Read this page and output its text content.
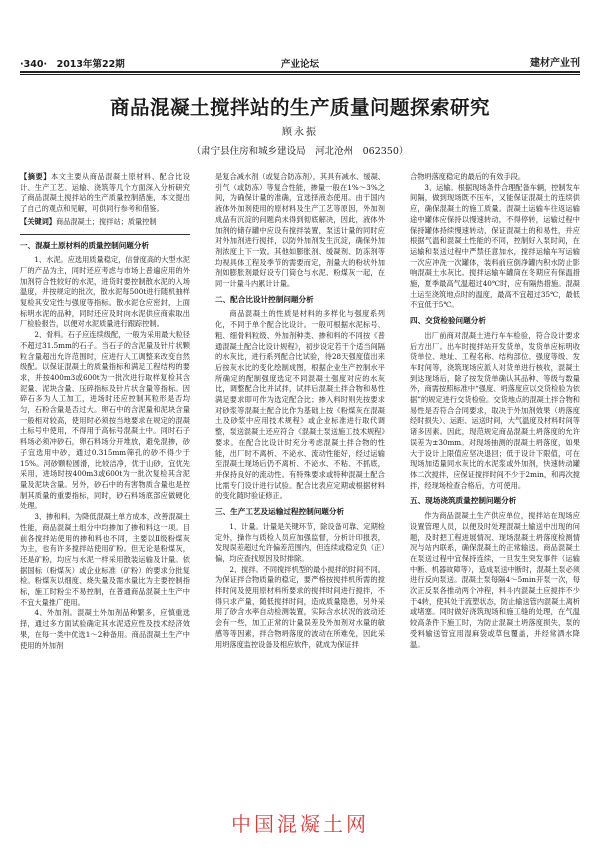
·340·　 2013年第22期	产业论坛	建材产业刊
商品混凝土搅拌站的生产质量问题探索研究
顾永振
（肃宁县住房和城乡建设局　河北沧州　062350）
【摘要】本文主要从商品混凝土原材料、配合比设计、生产工艺、运输、浇筑等几个方面深入分析研究了商品混凝土搅拌站的生产质量控制措施，本文提出了自己的观点和见解，可供同行参考和借鉴。
【关键词】商品混凝土；搅拌站；质量控制
一、混凝土原材料的质量控制问题分析

1、水泥。应选用质量稳定，信誉度高的大型水泥厂的产品为主，同时还应考虑与市场上普遍应用的外加剂符合性较好的水泥，进货时要控制散水泥的入场温度，并按规定的批次，散水泥每500t进行随机抽样复检其安定性与强度等指标。散水泥仓应密封，上面标明水泥的品种，同时还应及时向水泥供应商索取出厂检验报告，以便对水泥质量进行跟踪控制。

2、骨料。石子应连续级配，一般为采用最大粒径不超过31.5mm的石子。当石子的含泥量及针片状颗粒含量超出允许范围时，应进行人工调整来改变自然级配。以保证混凝土的质量指标和满足工程结构的要求，并按400m3或600t为一批次进行取样复检其含泥量、泥块含量、压碎指标及针片状含量等指标。因碎石多为人工加工，进场时还应控制其粒形是否均匀，石粉含量是否过大。卵石中的含泥量和泥块含量一般相对较高，使用时必须按当地要求在规定的混凝土标号中使用，不得用于高标号混凝土中。同时石子料场必须冲砂石，卵石料场分开堆放，避免混掺，砂子宜选用中砂，通过0.315mm筛孔的砂不得少于15%。河砂颗粒圆滑，比较洁净，优于山砂，宜优先采用，进场时按400m3或600t为一批次复检其含泥量及泥块含量。另外，砂石中的有害物质含量也是控制其质量的重要指标，同时，砂石料场底部应做硬化处理。

3、掺和料。为降低混凝土单方成本，改善混凝土性能，商品混凝土组分中均掺加了掺和料这一项。目前各搅拌站使用的掺和料也不同，主要以Ⅱ级粉煤灰为主，也有许多搅拌站使用矿粉。但无论是粉煤灰，还是矿粉，均应与水泥一样采用散装运输及计量。依据国标（粉煤灰）或企业标准（矿粉）的要求分批复检。粉煤灰以细度、烧失量及需水量比为主要控制指标，施工时粉尘不易控制，在普通商品混凝土生产中不宜大量推广使用。

4、外加剂。混凝土外加剂品种繁多，应慎重选择，通过多方面试验确定其水泥适应性及技术经济效果，在每一类中优选1～2种备用。商品混凝土生产中使用的外加剂

是复合减水剂（或复合防冻剂），其具有减水、缓凝、引气（或防冻）等复合性能，掺量一般在1%～3%之间，为确保计量的准确，宜选择液态使用。由于国内液体外加剂使用的原材料及生产工艺等原因，外加剂成品有沉淀的问题尚未得到彻底解决，因此，液体外加剂的储存罐中应设有搅拌装置，泵送计量的同时应对外加剂进行搅拌，以防外加剂发生沉淀，确保外加剂浓度上下一致。其他如膨胀剂、缓凝剂、防冻剂等均视具体工程及季节的需要而定，剂量大的粉状外加剂如膨胀剂最好设专门筒仓与水泥、粉煤灰一起，在同一计量斗内累计计量。

二、配合比设计控制问题分析

商品混凝土的性质是材料的多样化与强度系列化，不同于单个配合比设计。一般可根据水泥标号、粗、细骨料粒级、外加剂种类、掺和料的不同按《普通混凝土配合比设计规程》，初步设定若干个适当间隔的水灰比，进行系列配合比试验，待28天强度值出来后按灰水比的变化绘制成图，根据企业生产控制水平所确定的配制强度选定不同混凝土强度对应的水灰比，调整配合比并试拌，试拌后混凝土拌合物和易性满足要求即可作为选定配合比；掺入料时则先按要求对砂浆等混凝土配合比作为基础上按《粉煤灰在混凝土及砂浆中应用技术规程》或企业标准进行取代调整，泵送混凝土还应符合《混凝土泵送施工技术规程》要求。在配合比设计时充分考虑混凝土拌合物的性能，出厂时不离析、不泌水、流动性能好，经过运输至混凝土现场后仍不离析、不泌水、不粘、不抓底，并保持良好的流动性。有特殊要求或特种混凝土配合比需专门设计进行试验。配合比表应定期或根据材料的变化随时验证修正。

三、生产工艺及运输过程控制问题分析

1、计量。计量是关键环节，除设备可靠、定期检定外，操作与质检人员应加强监督，分析计印报表，发现误差超过允许偏差范围内，但连续或稳定负（正）偏，均应查找原因及时排除。

2、搅拌。不同搅拌机型的最小搅拌的时间不同。为保证拌合物质量的稳定，要严格按搅拌机所需的搅拌时间及使用原材料所要求的搅拌时间进行搅拌，不得只求产量，随低搅拌时间，造成质量隐患，另外采用了砂含水率自动检测装置，实际含水状况的波动还会有一些，加工正常的计量误差及外加剂对水量的敏感等等因素，拌合物坍落度的波动在所难免，因此采用坍落度监控设备及相应软件，就成为保证拌

合物坍落度稳定的最后的有效手段。

3、运输。根据现场条件合理配备车辆，控制发车间隔，做到现场既不压车，又能保证混凝土的连续供应，确保混凝土的施工质量。混凝土运输车往返运输途中罐体应保持以慢速转动，不得停转，运输过程中保持罐体持续慢速转动，保证混凝土的和易性，并应根据气温和混凝土性能的不同，控制好入泵时间，在运输和泵送过程中严禁任意加水，搅拌运输车写运输一次应冲洗一次罐体，装料前应倒净罐内积水防止影响混凝土水灰比。搅拌运输车罐筒在冬期应有保温措施，夏季最高气温超过40℃时，应有隔热措施。混凝土运至浇筑地点时的温度，最高不宜超过35℃，最低不宜低于5℃。

四、交货检验问题分析

出厂前商对混凝土进行车车检验，符合设计要求后方出厂。出车时搅拌站开发货单，发货单应标明收货单位、地址、工程名称、结构部位、强度等级、发车时间等，浇筑现场应派人对货单进行核收，混凝土到达现场后，除了按发货单确认其品种、等级与数量外，商需按照标准中“强度、坍落度应以交货检验为依据”的规定进行交货检验。交货地点的混凝土拌合物和易性是否符合合同要求，取决于外加剂效果（坍落度经时损失）、运距、运送时间，大气温度及材料时间等诸多因素。因此，现范规定商品混凝土坍落度的允许误差为±30mm。对现场抽测的混凝土坍落度，如果大于设计上限值应坚决退回；低于设计下限值，可在现场加适量同水灰比的水泥浆或外加剂，快速转动罐体二次搅拌，应保证搅拌时间不少于2min，和再次搅拌，经现场检查合格后，方可使用。

五、现场浇筑质量控制问题分析

作为商品混凝土生产供应单位，搅拌站在现场应设置管理人员，以便及时处理混凝土输送中出现的问题，及时把工程进展情况、现场混凝土坍落度检测情况与站内联系，确保混凝土的正常输送。商品混凝土在泵送过程中宜保持连续，一旦发生突发事件（运输中断、机器故障等），造成泵送中断时，混凝土泵必须进行反向泵送。混凝土泵每隔4～5min开泵一次，每次正反泵各推动两个冲程，料斗内混凝土应搅拌不少于4转，使其处于流塑状态，防止输送管内混凝土离析或堵塞。同时做好浇筑现场和施工缝的处理，在气温较高条件下施工时，为防止混凝土坍落度损失，泵的受料输送管宜用湿麻袋或草包覆盖，并经常洒水降温。

中国混凝土网
